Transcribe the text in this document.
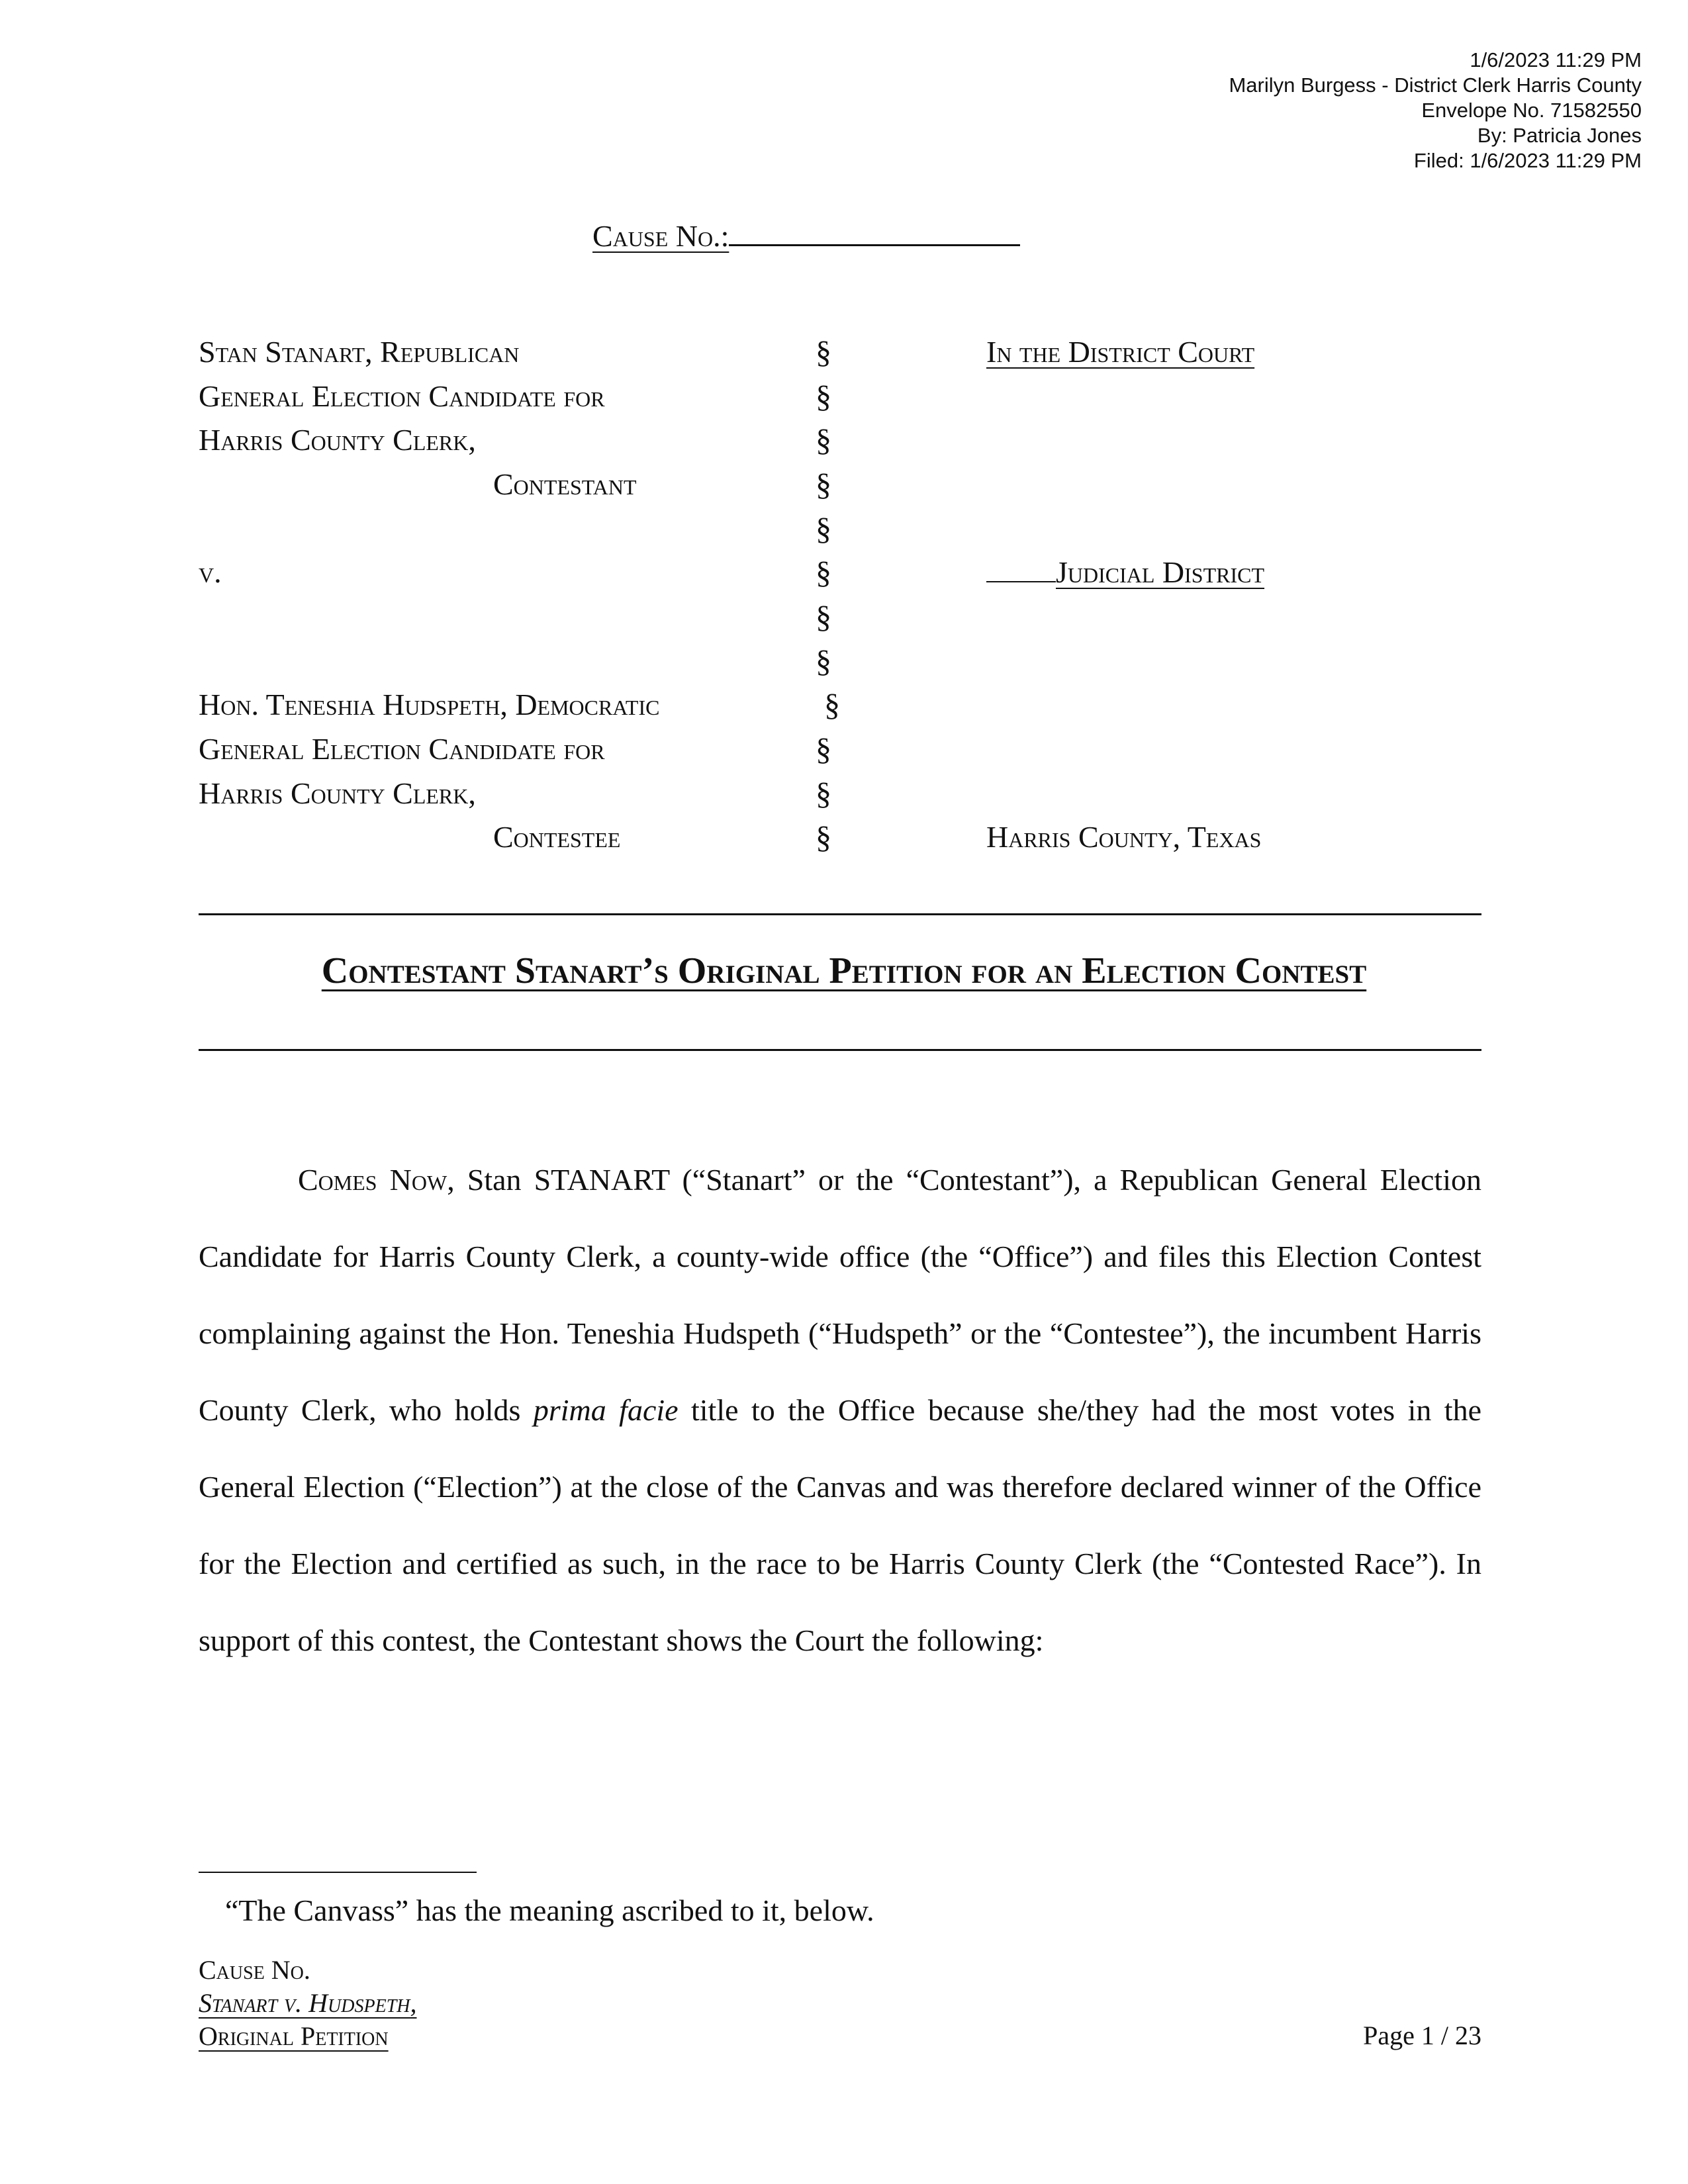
1/6/2023 11:29 PM
Marilyn Burgess - District Clerk Harris County
Envelope No. 71582550
By: Patricia Jones
Filed: 1/6/2023 11:29 PM
Cause No.:
Stan Stanart, Republican
General Election Candidate for
Harris County Clerk,
Contestant
v.
Hon. Teneshia Hudspeth, Democratic
General Election Candidate for
Harris County Clerk,
Contestee
§
§
§
§
§
§
§
§
§
§
§
§
In the District Court
Judicial District
Harris County, Texas
Contestant Stanart’s Original Petition for an Election Contest

Comes Now, Stan STANART (“Stanart” or the “Contestant”), a Republican General Election Candidate for Harris County Clerk, a county-wide office (the “Office”) and files this Election Contest complaining against the Hon. Teneshia Hudspeth (“Hudspeth” or the “Contestee”), the incumbent Harris County Clerk, who holds prima facie title to the Office because she/they had the most votes in the General Election (“Election”) at the close of the Canvas and was therefore declared winner of the Office for the Election and certified as such, in the race to be Harris County Clerk (the “Contested Race”). In support of this contest, the Contestant shows the Court the following:

“The Canvass” has the meaning ascribed to it, below.
Cause No.
Stanart v. Hudspeth,
Original Petition	Page 1 / 23
